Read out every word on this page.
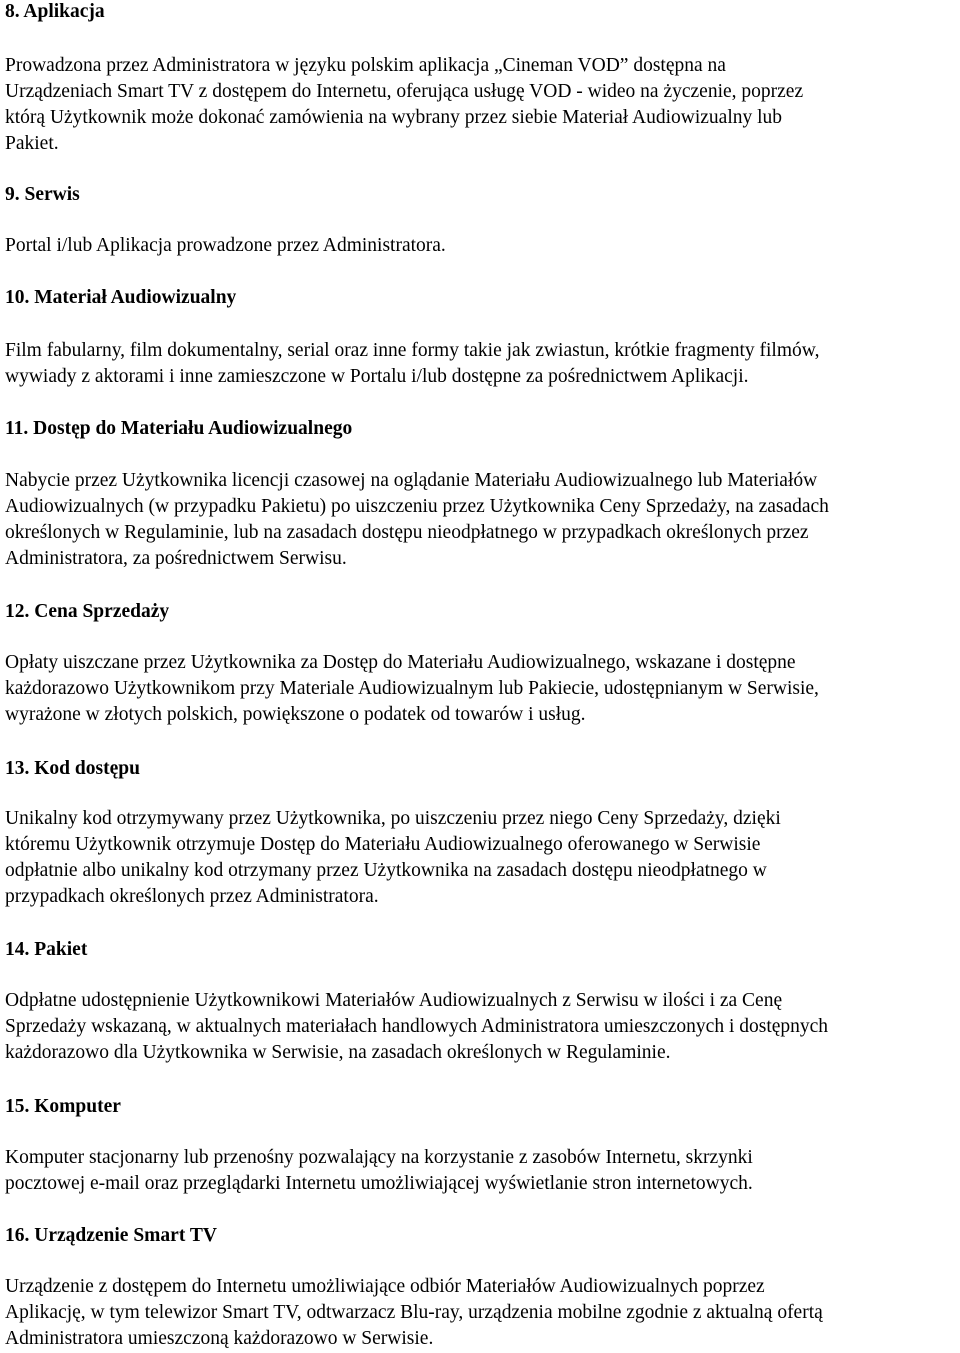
8. Aplikacja
Prowadzona przez Administratora w języku polskim aplikacja „Cineman VOD” dostępna na
Urządzeniach Smart TV z dostępem do Internetu, oferująca usługę VOD - wideo na życzenie, poprzez
którą Użytkownik może dokonać zamówienia na wybrany przez siebie Materiał Audiowizualny lub
Pakiet.
9. Serwis
Portal i/lub Aplikacja prowadzone przez Administratora.
10. Materiał Audiowizualny
Film fabularny, film dokumentalny, serial oraz inne formy takie jak zwiastun, krótkie fragmenty filmów,
wywiady z aktorami i inne zamieszczone w Portalu i/lub dostępne za pośrednictwem Aplikacji.
11. Dostęp do Materiału Audiowizualnego
Nabycie przez Użytkownika licencji czasowej na oglądanie Materiału Audiowizualnego lub Materiałów
Audiowizualnych (w przypadku Pakietu) po uiszczeniu przez Użytkownika Ceny Sprzedaży, na zasadach
określonych w Regulaminie, lub na zasadach dostępu nieodpłatnego w przypadkach określonych przez
Administratora, za pośrednictwem Serwisu.
12. Cena Sprzedaży
Opłaty uiszczane przez Użytkownika za Dostęp do Materiału Audiowizualnego, wskazane i dostępne
każdorazowo Użytkownikom przy Materiale Audiowizualnym lub Pakiecie, udostępnianym w Serwisie,
wyrażone w złotych polskich, powiększone o podatek od towarów i usług.
13. Kod dostępu
Unikalny kod otrzymywany przez Użytkownika, po uiszczeniu przez niego Ceny Sprzedaży, dzięki
któremu Użytkownik otrzymuje Dostęp do Materiału Audiowizualnego oferowanego w Serwisie
odpłatnie albo unikalny kod otrzymany przez Użytkownika na zasadach dostępu nieodpłatnego w
przypadkach określonych przez Administratora.
14. Pakiet
Odpłatne udostępnienie Użytkownikowi Materiałów Audiowizualnych z Serwisu w ilości i za Cenę
Sprzedaży wskazaną, w aktualnych materiałach handlowych Administratora umieszczonych i dostępnych
każdorazowo dla Użytkownika w Serwisie, na zasadach określonych w Regulaminie.
15. Komputer
Komputer stacjonarny lub przenośny pozwalający na korzystanie z zasobów Internetu, skrzynki
pocztowej e-mail oraz przeglądarki Internetu umożliwiającej wyświetlanie stron internetowych.
16. Urządzenie Smart TV
Urządzenie z dostępem do Internetu umożliwiające odbiór Materiałów Audiowizualnych poprzez
Aplikację, w tym telewizor Smart TV, odtwarzacz Blu-ray, urządzenia mobilne zgodnie z aktualną ofertą
Administratora umieszczoną każdorazowo w Serwisie.
